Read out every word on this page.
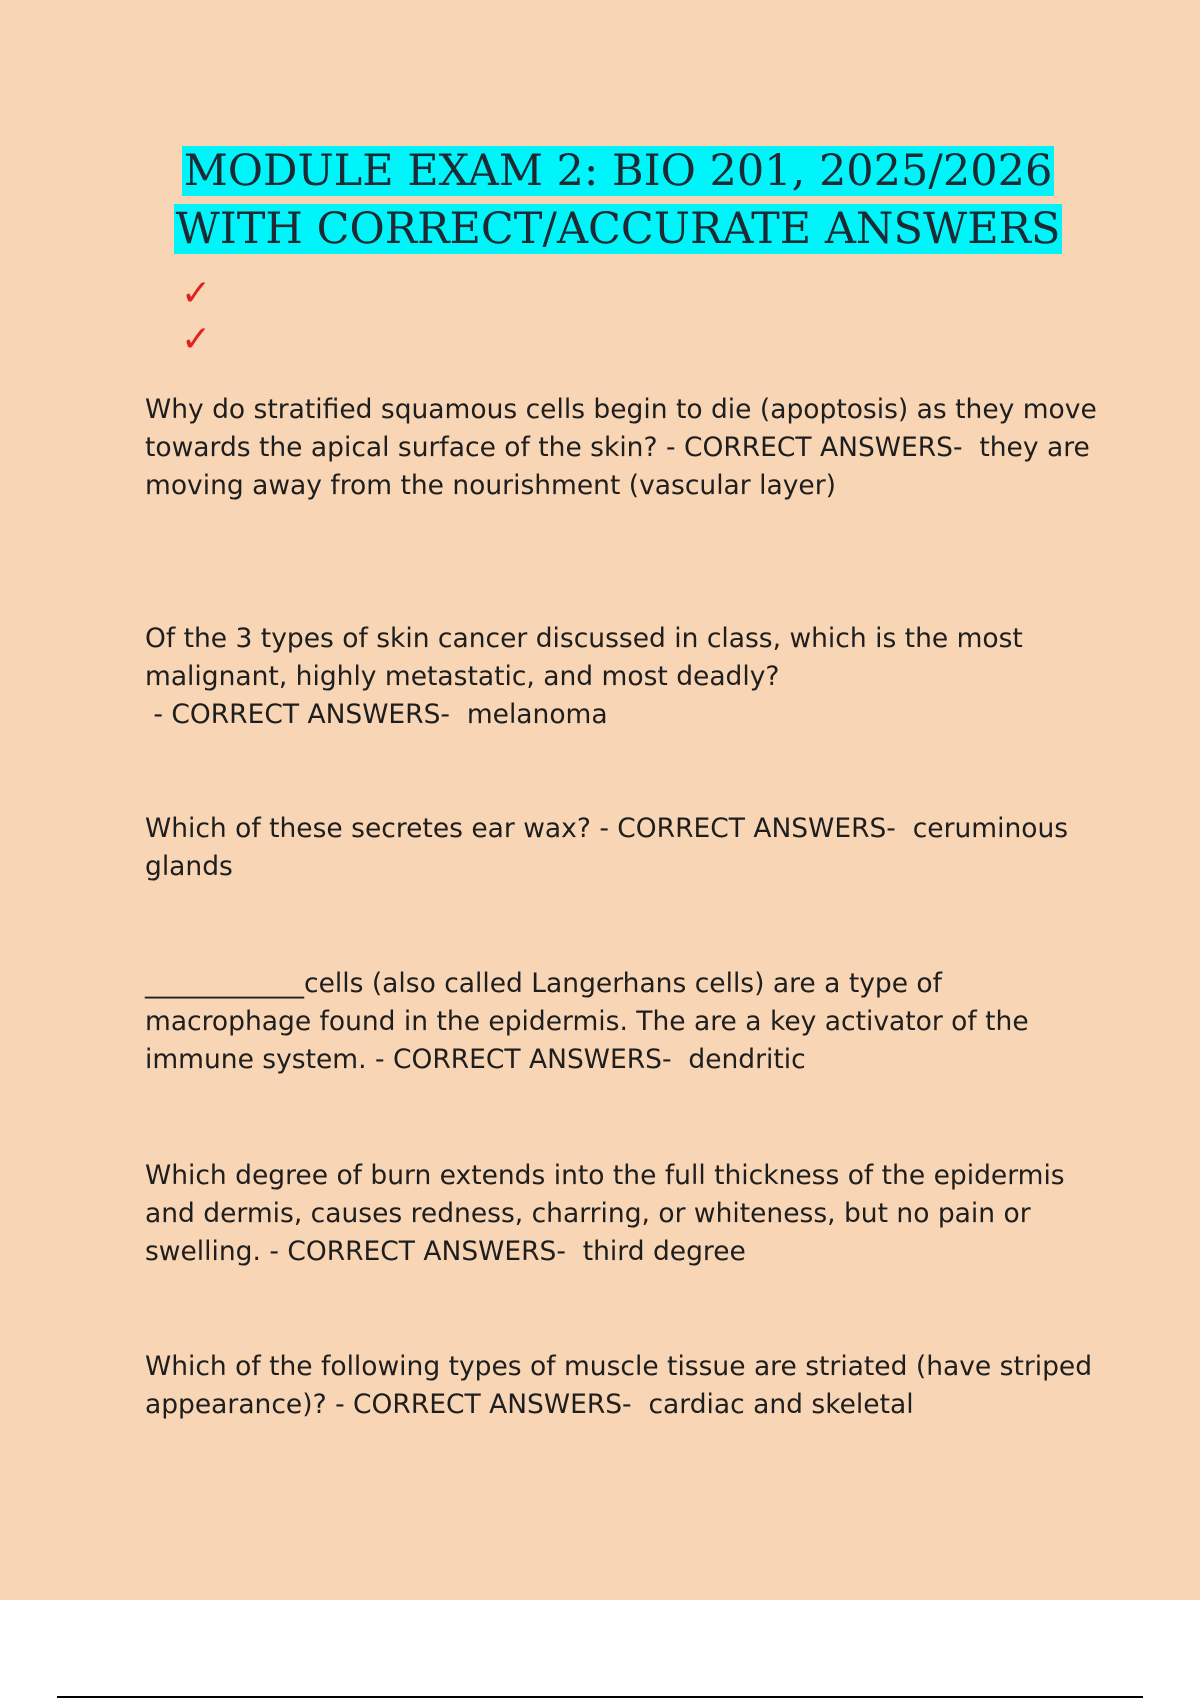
MODULE EXAM 2: BIO 201, 2025/2026
WITH CORRECT/ACCURATE ANSWERS
✓
✓
Why do stratified squamous cells begin to die (apoptosis) as they move towards the apical surface of the skin? - CORRECT ANSWERS-  they are moving away from the nourishment (vascular layer)
Of the 3 types of skin cancer discussed in class, which is the most malignant, highly metastatic, and most deadly? - CORRECT ANSWERS-  melanoma
Which of these secretes ear wax? - CORRECT ANSWERS-  ceruminous glands
____________cells (also called Langerhans cells) are a type of macrophage found in the epidermis. The are a key activator of the immune system. - CORRECT ANSWERS-  dendritic
Which degree of burn extends into the full thickness of the epidermis and dermis, causes redness, charring, or whiteness, but no pain or swelling. - CORRECT ANSWERS-  third degree
Which of the following types of muscle tissue are striated (have striped appearance)? - CORRECT ANSWERS-  cardiac and skeletal
